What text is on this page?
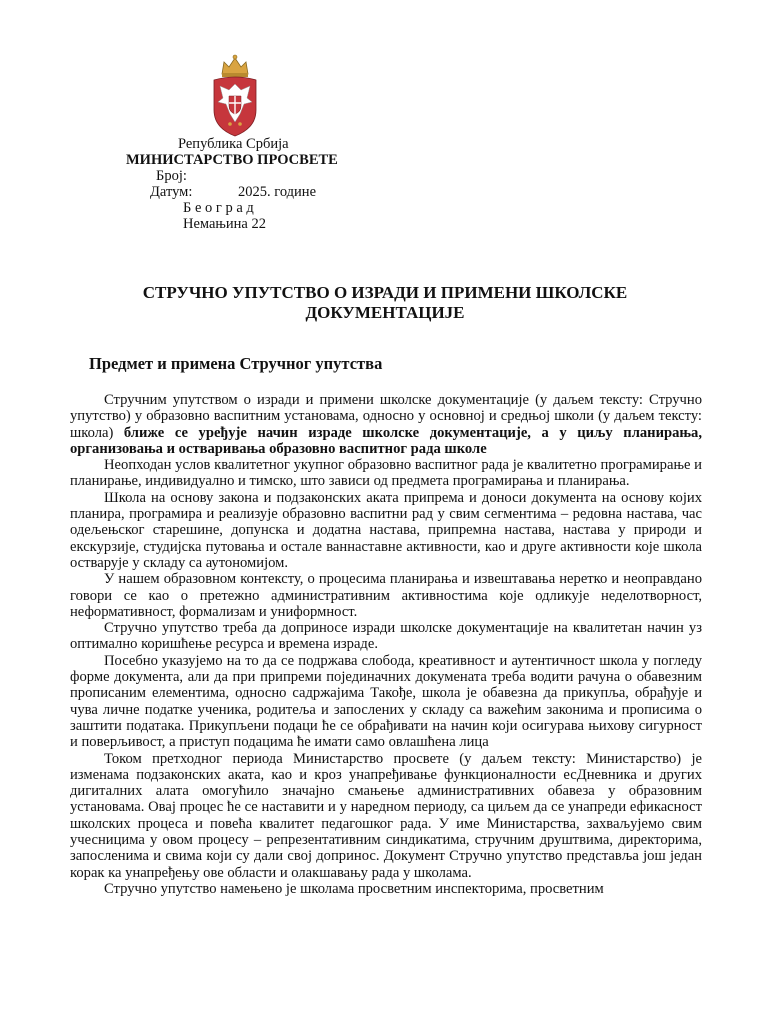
Република Србија
МИНИСТАРСТВО ПРОСВЕТЕ
Број:
Датум:	2025. године
Б е о г р а д
Немањина 22
СТРУЧНО УПУТСТВО О ИЗРАДИ И ПРИМЕНИ ШКОЛСКЕ
ДОКУМЕНТАЦИЈЕ
Предмет и примена Стручног упутства

Стручним упутством о изради и примени школске документације (у даљем тексту: Стручно упутство) у образовно васпитним установама, односно у основној и средњој школи (у даљем тексту: школа) ближе се уређује начин израде школске документације, а у циљу планирања, организовања и остваривања образовно васпитног рада школе

Неопходан услов квалитетног укупног образовно васпитног рада је квалитетно програмирање и планирање, индивидуално и тимско, што зависи од предмета програмирања и планирања.

Школа на основу закона и подзаконских аката припрема и доноси документа на основу којих планира, програмира и реализује образовно васпитни рад у свим сегментима – редовна настава, час одељењског старешине, допунска и додатна настава, припремна настава, настава у природи и екскурзије, студијска путовања и остале ваннаставне активности, као и друге активности које школа остварује у складу са аутономијом.

У нашем образовном контексту, о процесима планирања и извештавања неретко и неоправдано говори се као о претежно административним активностима које одликује неделотворност, неформативност, формализам и униформност.

Стручно упутство треба да доприносе изради школске документације на квалитетан начин уз оптимално коришћење ресурса и времена израде.

Посебно указујемо на то да се подржава слобода, креативност и аутентичност школа у погледу форме документа, али да при припреми појединачних докумената треба водити рачуна о обавезним прописаним елементима, односно садржајима Такође, школа је обавезна да прикупља, обрађује и чува личне податке ученика, родитеља и запослених у складу са важећим законима и прописима о заштити података. Прикупљени подаци ће се обрађивати на начин који осигурава њихову сигурност и поверљивост, а приступ подацима ће имати само овлашћена лица

Током претходног периода Министарство просвете (у даљем тексту: Министарство) је изменама подзаконских аката, као и кроз унапређивање функционалности есДневника и других дигиталних алата омогућило значајно смањење административних обавеза у образовним установама. Овај процес ће се наставити и у наредном периоду, са циљем да се унапреди ефикасност школских процеса и повећа квалитет педагошког рада. У име Министарства, захваљујемо свим учесницима у овом процесу – репрезентативним синдикатима, стручним друштвима, директорима, запосленима и свима који су дали свој допринос. Документ Стручно упутство представља још један корак ка унапређењу ове области и олакшавању рада у школама.

Стручно упутство намењено је школама просветним инспекторима, просветним
